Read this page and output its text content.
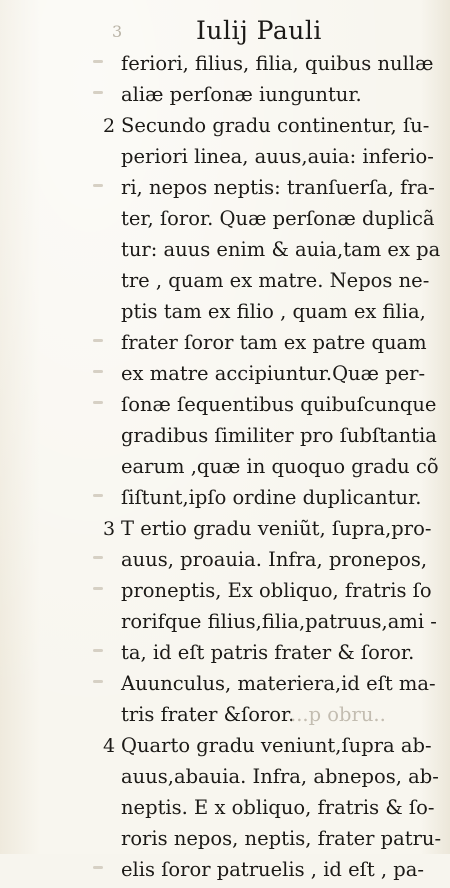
3	Iulij Pauli
feriori, filius, filia, quibus nullæ
aliæ perſonæ iunguntur.
2 Secundo gradu continentur, ſu-
periori linea, auus,auia: inferio-
ri, nepos neptis: tranſuerſa, fra-
ter, ſoror. Quæ perſonæ duplicã
tur: auus enim & auia,tam ex pa
tre , quam ex matre. Nepos ne-
ptis tam ex filio , quam ex filia,
frater ſoror tam ex patre quam
ex matre accipiuntur.Quæ per-
ſonæ ſequentibus quibuſcunque
gradibus ſimiliter pro ſubſtantia
earum ,quæ in quoquo gradu cõ
ſiſtunt,ipſo ordine duplicantur.
3 T ertio gradu veniũt, ſupra,pro-
auus, proauia. Infra, pronepos,
proneptis, Ex obliquo, fratris ſo
rorifque filius,filia,patruus,ami -
ta, id eſt patris frater & ſoror.
Auunculus, materiera,id eſt ma-
tris frater &ſoror.
...p obru..
4 Quarto gradu veniunt,ſupra ab-
auus,abauia. Infra, abnepos, ab-
neptis. E x obliquo, fratris & ſo-
roris nepos, neptis, frater patru-
elis ſoror patruelis , id eſt , pa-
